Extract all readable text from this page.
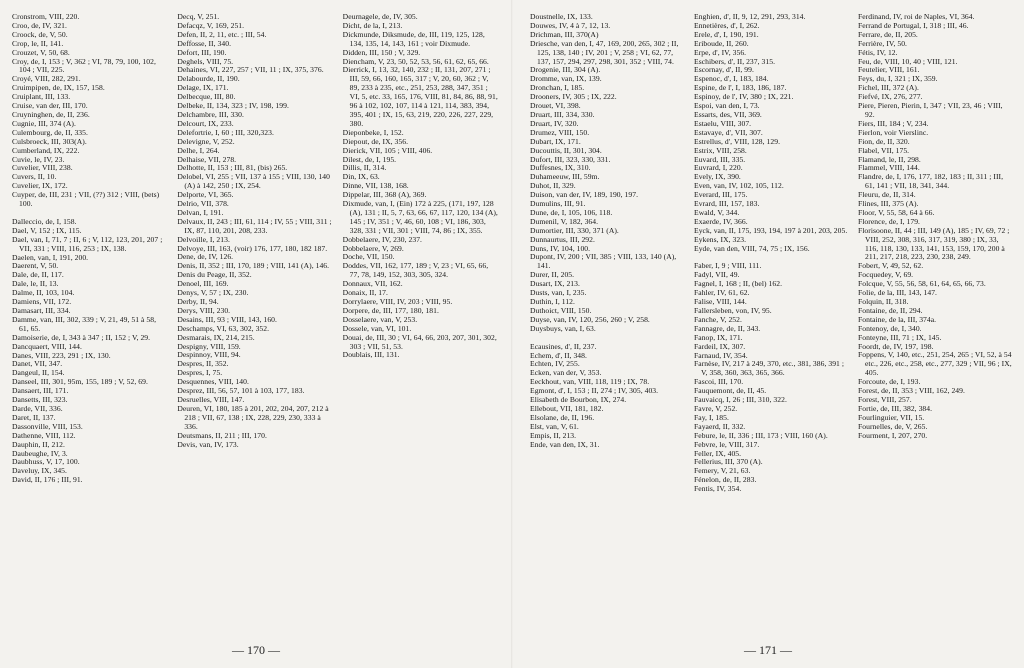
Cronstrom, VIII, 220.
Croo, de, IV, 321.
Croock, de, V, 50.
Crop, le, II, 141.
Crouzet, V, 50, 68.
Croy, de, I, 153 ; V, 362 ; VI, 78, 79, 100, 102, 104 ; VII, 225.
Croyé, VIII, 282, 291.
Cruimpipen, de, IX, 157, 158.
Cruiplant, III, 133.
Cruise, van der, III, 170.
Cruyninghen, de, II, 236.
Cugnie, III, 374 (A).
Culembourg, de, II, 335.
Culsbroeck, III, 303(A).
Cumberland, IX, 222.
Cuvie, le, IV, 23.
Cuvelier, VIII, 238.
Cuvers, II, 10.
Cuvelier, IX, 172.
Cuyper, de, III, 231 ; VII, (??) 312 ; VIII, (bets) 100.
Dalleccio, de, I, 158.
Dael, V, 152 ; IX, 115.
Dael, van, I, 71, 7 ; II, 6 ; V, 112, 123, 201, 207 ; VII, 331 ; VIII, 116, 253 ; IX, 138.
Daelen, van, I, 191, 200.
Daerent, V, 50.
Dale, de, II, 117.
Dale, le, II, 13.
Dalme, II, 103, 104.
Damiens, VII, 172.
Damasart, III, 334.
Damme, van, III, 302, 339 ; V, 21, 49, 51 à 58, 61, 65.
Damoiserie, de, I, 343 à 347 ; II, 152 ; V, 29.
Dancquaert, VIII, 144.
Danes, VIII, 223, 291 ; IX, 130.
Danet, VII, 347.
Dangeul, II, 154.
Danseel, III, 301, 95m, 155, 189 ; V, 52, 69.
Dansaert, III, 171.
Dansetts, III, 323.
Darde, VII, 336.
Daret, II, 137.
Dassonville, VIII, 153.
Dathenne, VIII, 112.
Dauphin, II, 212.
Daubeughe, IV, 3.
Daubhuss, V, 17, 100.
Daveluy, IX, 345.
David, II, 176 ; III, 91.
Decq, V, 251.
Defacqz, V, 169, 251.
Defen, II, 2, 11, etc. ; III, 54.
Deffosse, II, 340.
Defort, III, 190.
Deghels, VIII, 75.
Dehaines, VI, 227, 257 ; VII, 11 ; IX, 375, 376.
Delabourde, II, 190.
Delage, IX, 171.
Delbecque, III, 80.
Delbeke, II, 134, 323 ; IV, 198, 199.
Delchambre, III, 330.
Delcourt, IX, 233.
Delefortrie, I, 60 ; III, 320,323.
Delevigne, V, 252.
Delhe, I, 264.
Delhaise, VII, 278.
Delhotte, II, 153 ; III, 81, (bis) 265.
Delobel, VI, 255 ; VII, 137 à 155 ; VIII, 130, 140 (A) à 142, 250 ; IX, 254.
Delporte, VI, 365.
Delrio, VII, 378.
Delvan, I, 191.
Delvaux, II, 243 ; III, 61, 114 ; IV, 55 ; VIII, 311 ; IX, 87, 110, 201, 208, 233.
Delvoille, I, 213.
Delvoye, III, 163, (voir) 176, 177, 180, 182 187.
Dene, de, IV, 126.
Denis, II, 352 ; III, 170, 189 ; VIII, 141 (A), 146.
Denis du Peage, II, 352.
Denoel, III, 169.
Denys, V, 57 ; IX, 230.
Derby, II, 94.
Derys, VIII, 230.
Desains, III, 93 ; VIII, 143, 160.
Deschamps, VI, 63, 302, 352.
Desmarais, IX, 214, 215.
Despigny, VIII, 159.
Despinnoy, VIII, 94.
Despres, II, 352.
Despres, I, 75.
Desquennes, VIII, 140.
Desprez, III, 56, 57, 101 à 103, 177, 183.
Desruelles, VIII, 147.
Deuren, VI, 180, 185 à 201, 202, 204, 207, 212 à 218 ; VII, 67, 138 ; IX, 228, 229, 230, 333 à 336.
Deutsmans, II, 211 ; III, 170.
Devis, van, IV, 173.
Deurnagele, de, IV, 305.
Dicht, de la, I, 213.
Dickmunde, Diksmude, de, III, 119, 125, 128, 134, 135, 14, 143, 161 ; voir Dixmude.
Didden, III, 150 ; V, 329.
Diencham, V, 23, 50, 52, 53, 56, 61, 62, 65, 66.
Dierrick, I, 13, 32, 140, 232 ; II, 131, 207, 271 ; III, 59, 66, 160, 165, 317 ; V, 20, 60, 362 ; V, 89, 233 à 235, etc., 251, 253, 288, 347, 351 ; VI, 5, etc. 33, 165, 176, VIII, 81, 84, 86, 88, 91, 96 à 102, 102, 107, 114 à 121, 114, 383, 394, 395, 401 ; IX, 15, 63, 219, 220, 226, 227, 229, 380.
Dieponbeke, I, 152.
Diepout, de, IX, 356.
Dierick, VII, 105 ; VIII, 406.
Dilest, de, I, 195.
Dillis, II, 314.
Din, IX, 63.
Dinne, VII, 138, 168.
Dippelar, III, 368 (A), 369.
Dixmude, van, I, (Ein) 172 à 225, (171, 197, 128 (A), 131 ; II, 5, 7, 63, 66, 67, 117, 120, 134 (A), 145 ; IV, 351 ; V, 46, 60, 108 ; VI, 186, 303, 328, 331 ; VII, 301 ; VIII, 74, 86 ; IX, 355.
Dobbelaere, IV, 230, 237.
Dobbelaere, V, 269.
Doche, VII, 150.
Doddes, VII, 162, 177, 189 ; V, 23 ; VI, 65, 66, 77, 78, 149, 152, 303, 305, 324.
Donnaux, VII, 162.
Donaix, II, 17.
Dorrylaere, VIII, IV, 203 ; VIII, 95.
Dorpere, de, III, 177, 180, 181.
Dosselaere, van, V, 253.
Dossele, van, VI, 101.
Douai, de, III, 30 ; VI, 64, 66, 203, 207, 301, 302, 303 ; VII, 51, 53.
Doublais, III, 131.
— 170 —
Doustnelle, IX, 133.
Douwes, IV, 4 à 7, 12, 13.
Drichman, III, 370(A)
Driesche, van den, I, 47, 169, 200, 265, 302 ; II, 125, 138, 140 ; IV, 201 ; V, 258 ; VI, 62, 77, 137, 157, 294, 297, 298, 301, 352 ; VIII, 74.
Drogenie, III, 304 (A).
Dromme, van, IX, 139.
Dronchan, I, 185.
Drooners, IV, 305 ; IX, 222.
Drouet, VI, 398.
Druart, III, 334, 330.
Druart, IV, 320.
Drumez, VIII, 150.
Dubart, IX, 171.
Ducouttis, II, 301, 304.
Dufort, III, 323, 330, 331.
Duffesnes, IX, 310.
Duhameeuw, III, 59m.
Duhot, II, 329.
Duison, van der, IV, 189, 190, 197.
Dumulins, III, 91.
Dune, de, I, 105, 106, 118.
Dumenil, V, 182, 364.
Dumortier, III, 330, 371 (A).
Dunnaurtus, III, 292.
Duns, IV, 104, 100.
Dupont, IV, 200 ; VII, 385 ; VIII, 133, 140 (A), 141.
Durer, II, 205.
Dusart, IX, 213.
Dusts, van, I, 235.
Duthin, I, 112.
Duthoict, VIII, 150.
Duyse, van, IV, 120, 256, 260 ; V, 258.
Duysbuys, van, I, 63.
Ecausines, d', II, 237.
Echem, d', II, 348.
Echten, IV, 255.
Ecken, van der, V, 353.
Eeckhout, van, VIII, 118, 119 ; IX, 78.
Egmont, d', I, 153 ; II, 274 ; IV, 305, 403.
Elisabeth de Bourbon, IX, 274.
Ellebout, VII, 181, 182.
Elsolane, de, II, 196.
Elst, van, V, 61.
Empis, II, 213.
Ende, van den, IX, 31.
Enghien, d', II, 9, 12, 291, 293, 314.
Ennetières, d', I, 262.
Erele, d', I, 190, 191.
Eriboude, II, 260.
Erpe, d', IV, 356.
Eschibers, d', II, 237, 315.
Escornay, d', II, 99.
Espenoc, d', I, 183, 184.
Espine, de l', I, 183, 186, 187.
Espinoy, de l', IV, 380 ; IX, 221.
Espoi, van den, I, 73.
Essarts, des, VII, 369.
Estaelu, VIII, 307.
Estavaye, d', VII, 307.
Estrellus, d', VIII, 128, 129.
Estrix, VIII, 258.
Euvard, III, 335.
Euvrard, I, 220.
Evely, IX, 390.
Even, van, IV, 102, 105, 112.
Everard, III, 175.
Evrard, III, 157, 183.
Ewald, V, 344.
Exaerde, IV, 366.
Eyck, van, II, 175, 193, 194, 197 à 201, 203, 205.
Eykens, IX, 323.
Eyde, van den, VIII, 74, 75 ; IX, 156.
Faber, I, 9 ; VIII, 111.
Fadyl, VII, 49.
Fagnel, I, 168 ; II, (bel) 162.
Fahler, IV, 61, 62.
Falise, VIII, 144.
Fallersleben, von, IV, 95.
Fanche, V, 252.
Fannagre, de, II, 343.
Fanop, IX, 171.
Fardeil, IX, 307.
Farnaud, IV, 354.
Farnèse, IV, 217 à 249, 370, etc., 381, 386, 391 ; V, 358, 360, 363, 365, 366.
Fascoi, III, 170.
Fauquemont, de, II, 45.
Fauvaicq, I, 26 ; III, 310, 322.
Favre, V, 252.
Fay, I, 185.
Fayaerd, II, 332.
Febure, le, II, 336 ; III, 173 ; VIII, 160 (A).
Febvre, le, VIII, 317.
Feller, IX, 405.
Fellerius, III, 370 (A).
Femery, V, 21, 63.
Fénelon, de, II, 283.
Fentis, IV, 354.
Ferdinand, IV, roi de Naples, VI, 364.
Ferrand de Portugal, I, 318 ; III, 46.
Ferrare, de, II, 205.
Ferrière, IV, 50.
Fétis, IV, 12.
Feu, de, VIII, 10, 40 ; VIII, 121.
Feutelier, VIII, 161.
Feys, du, I, 321 ; IX, 359.
Fichel, III, 372 (A).
Fiefvé, IX, 276, 277.
Piere, Pieren, Pierin, I, 347 ; VII, 23, 46 ; VIII, 92.
Fiers, III, 184 ; V, 234.
Fierlon, voir Vierslinc.
Fion, de, II, 320.
Flabel, VII, 175.
Flamand, le, II, 298.
Flammel, VIII, 144.
Flandre, de, I, 176, 177, 182, 183 ; II, 311 ; III, 61, 141 ; VII, 18, 341, 344.
Fleuru, de, II, 314.
Flines, III, 375 (A).
Floor, V, 55, 58, 64 à 66.
Florence, de, I, 179.
Florisoone, II, 44 ; III, 149 (A), 185 ; IV, 69, 72 ; VIII, 252, 308, 316, 317, 319, 380 ; IX, 33, 116, 118, 130, 133, 141, 153, 159, 170, 200 à 211, 217, 218, 223, 230, 238, 249.
Fobert, V, 49, 52, 62.
Focquedey, V, 69.
Folcque, V, 55, 56, 58, 61, 64, 65, 66, 73.
Folie, de la, III, 143, 147.
Folquin, II, 318.
Fontaine, de, II, 294.
Fontaine, de la, III, 374a.
Fontenoy, de, I, 340.
Fonteyne, III, 71 ; IX, 145.
Foordt, de, IV, 197, 198.
Foppens, V, 140, etc., 251, 254, 265 ; VI, 52, à 54 etc., 226, etc., 258, etc., 277, 329 ; VII, 96 ; IX, 405.
Forcoute, de, I, 193.
Forest, de, II, 353 ; VIII, 162, 249.
Forest, VIII, 257.
Fortie, de, III, 382, 384.
Fourlinguier, VII, 15.
Fournelles, de, V, 265.
Fourment, I, 207, 270.
— 171 —
